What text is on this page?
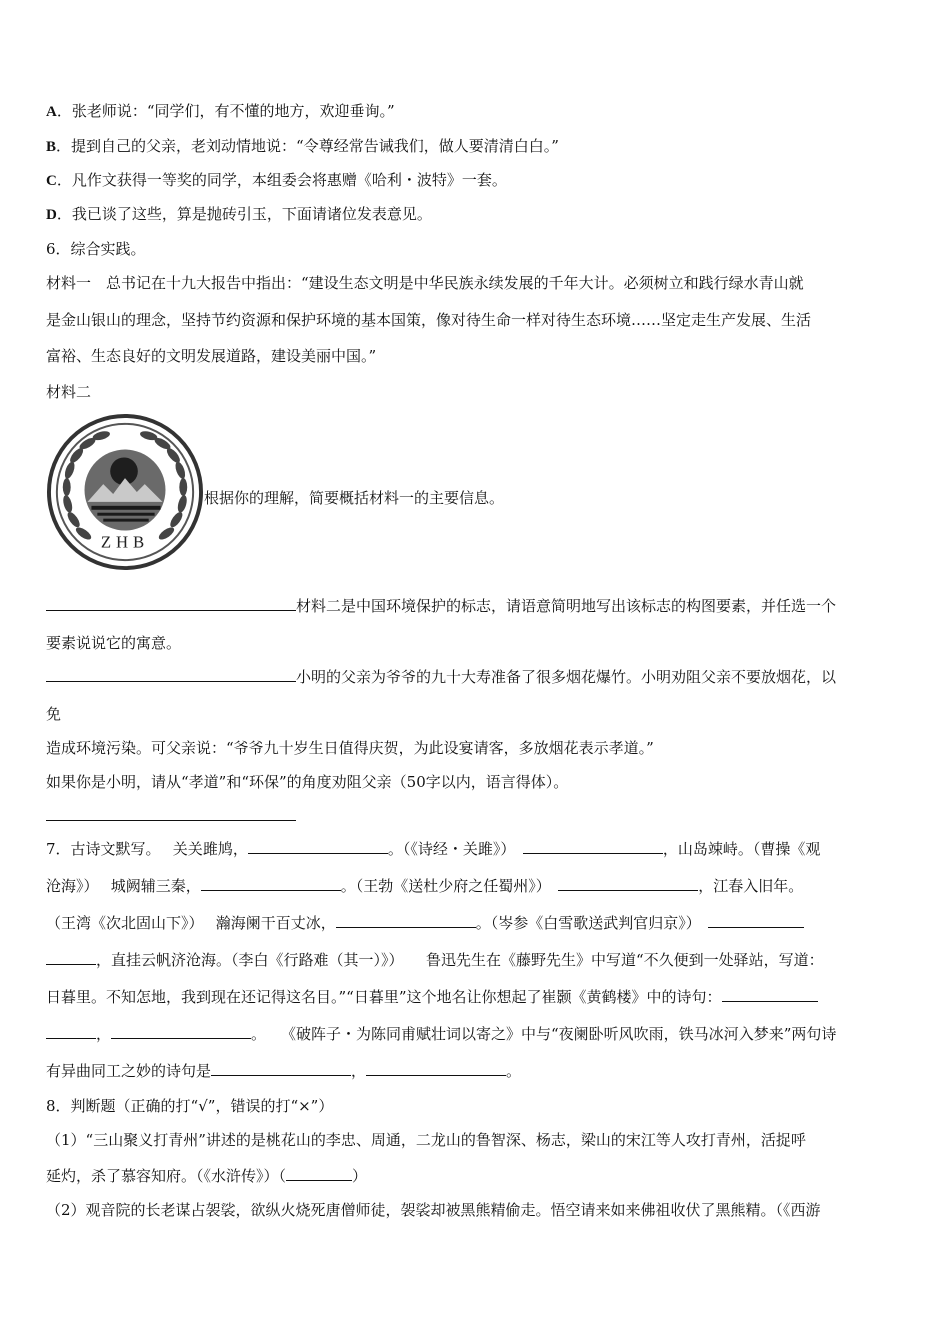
A．张老师说：“同学们，有不懂的地方，欢迎垂询。”
B．提到自己的父亲，老刘动情地说：“令尊经常告诫我们，做人要清清白白。”
C．凡作文获得一等奖的同学，本组委会将惠赠《哈利・波特》一套。
D．我已谈了这些，算是抛砖引玉，下面请诸位发表意见。
6．综合实践。
材料一　总书记在十九大报告中指出：“建设生态文明是中华民族永续发展的千年大计。必须树立和践行绿水青山就
是金山银山的理念，坚持节约资源和保护环境的基本国策，像对待生命一样对待生态环境……坚定走生产发展、生活
富裕、生态良好的文明发展道路，建设美丽中国。”
材料二
ZHB
根据你的理解，简要概括材料一的主要信息。
材料二是中国环境保护的标志，请语意简明地写出该标志的构图要素，并任选一个
要素说说它的寓意。
小明的父亲为爷爷的九十大寿准备了很多烟花爆竹。小明劝阻父亲不要放烟花，以
免
造成环境污染。可父亲说：“爷爷九十岁生日值得庆贺，为此设宴请客，多放烟花表示孝道。”
如果你是小明，请从“孝道”和“环保”的角度劝阻父亲（50字以内，语言得体）。
7．古诗文默写。　 关关雎鸠，	。（《诗经・关雎》）　	，山岛竦峙。（曹操《观
沧海》）　 城阙辅三秦，	。（王勃《送杜少府之任蜀州》）　	，江春入旧年。
（王湾《次北固山下》）　 瀚海阑干百丈冰，	。（岑参《白雪歌送武判官归京》）　
，直挂云帆济沧海。（李白《行路难（其一）》）　　鲁迅先生在《藤野先生》中写道“不久便到一处驿站，写道：
日暮里。不知怎地，我到现在还记得这名目。”“日暮里”这个地名让你想起了崔颢《黄鹤楼》中的诗句：
，	。　　《破阵子・为陈同甫赋壮词以寄之》中与“夜阑卧听风吹雨，铁马冰河入梦来”两句诗
有异曲同工之妙的诗句是	，	。
8．判断题（正确的打“√”，错误的打“×”）
（1）“三山聚义打青州”讲述的是桃花山的李忠、周通，二龙山的鲁智深、杨志，梁山的宋江等人攻打青州，活捉呼
延灼，杀了慕容知府。（《水浒传》）（	）
（2）观音院的长老谋占袈裟，欲纵火烧死唐僧师徒，袈裟却被黑熊精偷走。悟空请来如来佛祖收伏了黑熊精。（《西游
